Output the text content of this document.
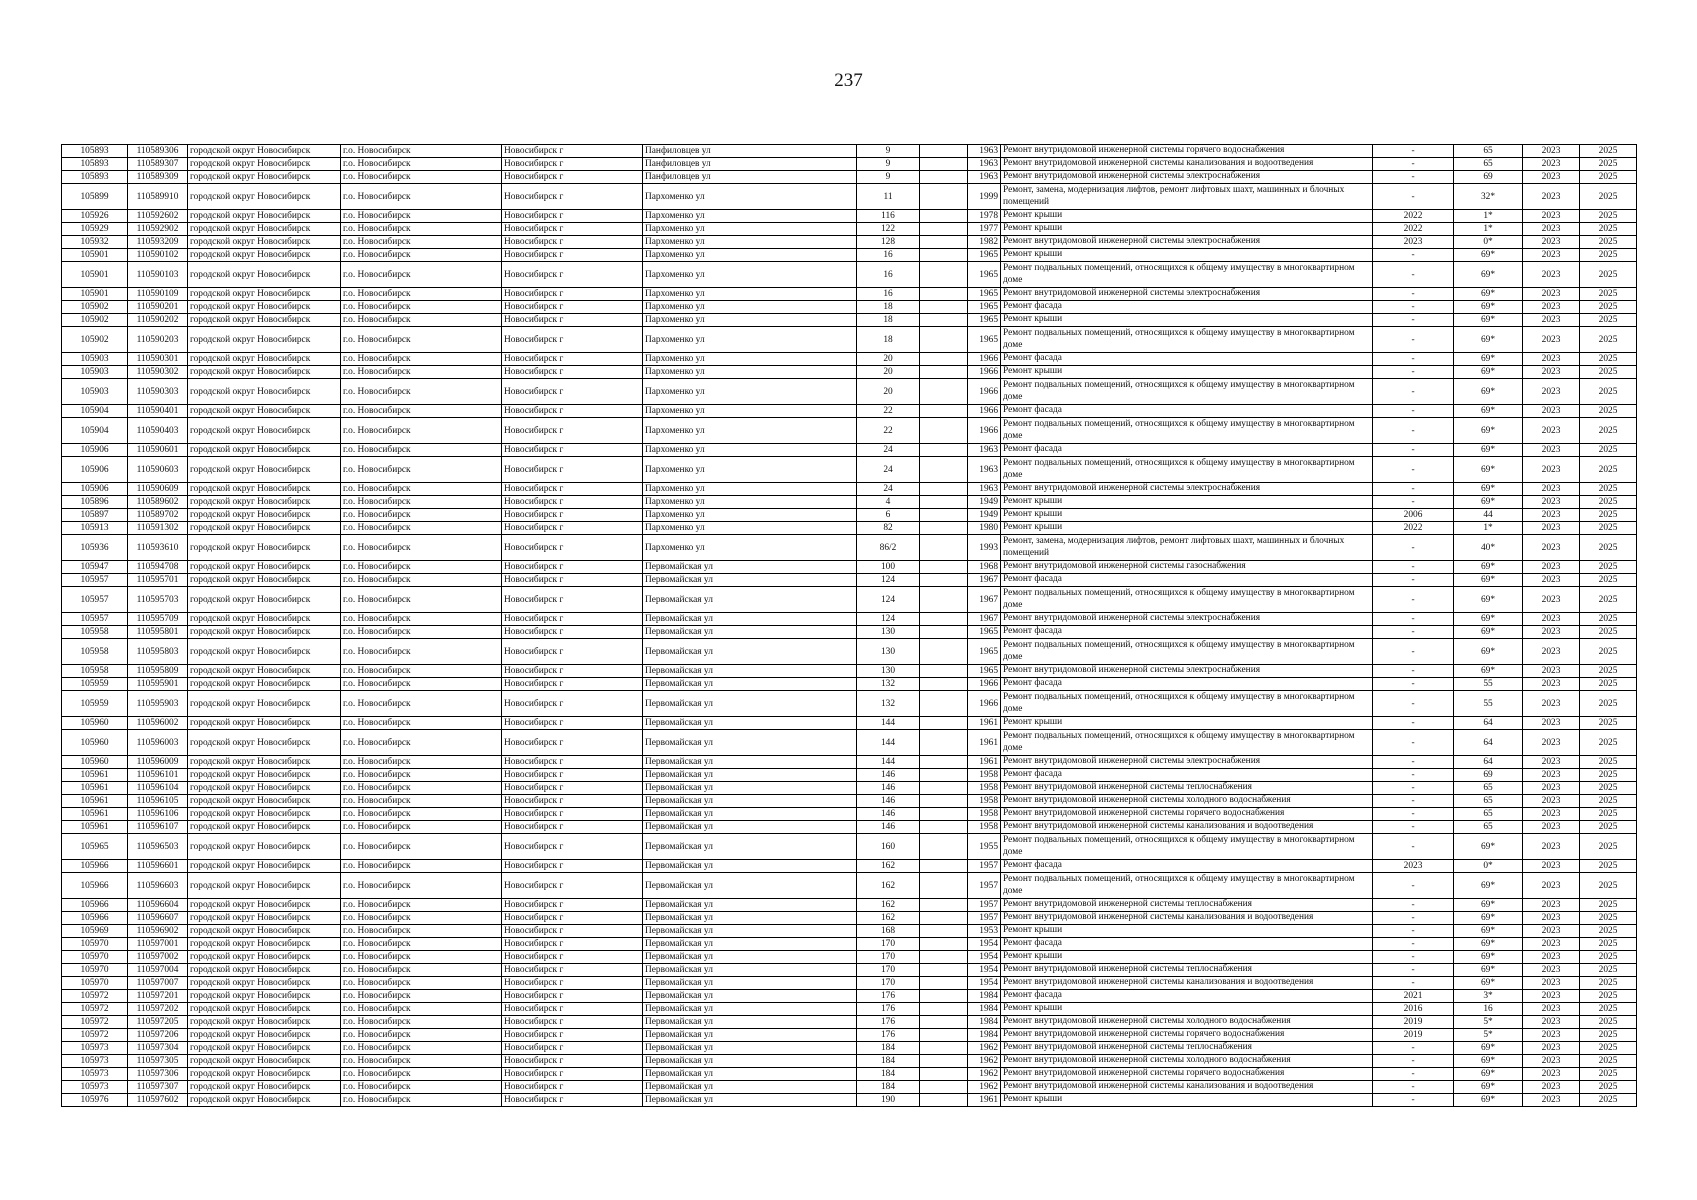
237
105893	110589306	городской округ Новосибирск	г.о. Новосибирск	Новосибирск г	Панфиловцев ул	9		1963	Ремонт внутридомовой инженерной системы горячего водоснабжения	-	65	2023	2025
105893	110589307	городской округ Новосибирск	г.о. Новосибирск	Новосибирск г	Панфиловцев ул	9		1963	Ремонт внутридомовой инженерной системы канализования и водоотведения	-	65	2023	2025
105893	110589309	городской округ Новосибирск	г.о. Новосибирск	Новосибирск г	Панфиловцев ул	9		1963	Ремонт внутридомовой инженерной системы электроснабжения	-	69	2023	2025
105899	110589910	городской округ Новосибирск	г.о. Новосибирск	Новосибирск г	Пархоменко ул	11		1999	Ремонт, замена, модернизация лифтов, ремонт лифтовых шахт, машинных и блочных помещений	-	32*	2023	2025
105926	110592602	городской округ Новосибирск	г.о. Новосибирск	Новосибирск г	Пархоменко ул	116		1978	Ремонт крыши	2022	1*	2023	2025
105929	110592902	городской округ Новосибирск	г.о. Новосибирск	Новосибирск г	Пархоменко ул	122		1977	Ремонт крыши	2022	1*	2023	2025
105932	110593209	городской округ Новосибирск	г.о. Новосибирск	Новосибирск г	Пархоменко ул	128		1982	Ремонт внутридомовой инженерной системы электроснабжения	2023	0*	2023	2025
105901	110590102	городской округ Новосибирск	г.о. Новосибирск	Новосибирск г	Пархоменко ул	16		1965	Ремонт крыши	-	69*	2023	2025
105901	110590103	городской округ Новосибирск	г.о. Новосибирск	Новосибирск г	Пархоменко ул	16		1965	Ремонт подвальных помещений, относящихся к общему имуществу в многоквартирном доме	-	69*	2023	2025
105901	110590109	городской округ Новосибирск	г.о. Новосибирск	Новосибирск г	Пархоменко ул	16		1965	Ремонт внутридомовой инженерной системы электроснабжения	-	69*	2023	2025
105902	110590201	городской округ Новосибирск	г.о. Новосибирск	Новосибирск г	Пархоменко ул	18		1965	Ремонт фасада	-	69*	2023	2025
105902	110590202	городской округ Новосибирск	г.о. Новосибирск	Новосибирск г	Пархоменко ул	18		1965	Ремонт крыши	-	69*	2023	2025
105902	110590203	городской округ Новосибирск	г.о. Новосибирск	Новосибирск г	Пархоменко ул	18		1965	Ремонт подвальных помещений, относящихся к общему имуществу в многоквартирном доме	-	69*	2023	2025
105903	110590301	городской округ Новосибирск	г.о. Новосибирск	Новосибирск г	Пархоменко ул	20		1966	Ремонт фасада	-	69*	2023	2025
105903	110590302	городской округ Новосибирск	г.о. Новосибирск	Новосибирск г	Пархоменко ул	20		1966	Ремонт крыши	-	69*	2023	2025
105903	110590303	городской округ Новосибирск	г.о. Новосибирск	Новосибирск г	Пархоменко ул	20		1966	Ремонт подвальных помещений, относящихся к общему имуществу в многоквартирном доме	-	69*	2023	2025
105904	110590401	городской округ Новосибирск	г.о. Новосибирск	Новосибирск г	Пархоменко ул	22		1966	Ремонт фасада	-	69*	2023	2025
105904	110590403	городской округ Новосибирск	г.о. Новосибирск	Новосибирск г	Пархоменко ул	22		1966	Ремонт подвальных помещений, относящихся к общему имуществу в многоквартирном доме	-	69*	2023	2025
105906	110590601	городской округ Новосибирск	г.о. Новосибирск	Новосибирск г	Пархоменко ул	24		1963	Ремонт фасада	-	69*	2023	2025
105906	110590603	городской округ Новосибирск	г.о. Новосибирск	Новосибирск г	Пархоменко ул	24		1963	Ремонт подвальных помещений, относящихся к общему имуществу в многоквартирном доме	-	69*	2023	2025
105906	110590609	городской округ Новосибирск	г.о. Новосибирск	Новосибирск г	Пархоменко ул	24		1963	Ремонт внутридомовой инженерной системы электроснабжения	-	69*	2023	2025
105896	110589602	городской округ Новосибирск	г.о. Новосибирск	Новосибирск г	Пархоменко ул	4		1949	Ремонт крыши	-	69*	2023	2025
105897	110589702	городской округ Новосибирск	г.о. Новосибирск	Новосибирск г	Пархоменко ул	6		1949	Ремонт крыши	2006	44	2023	2025
105913	110591302	городской округ Новосибирск	г.о. Новосибирск	Новосибирск г	Пархоменко ул	82		1980	Ремонт крыши	2022	1*	2023	2025
105936	110593610	городской округ Новосибирск	г.о. Новосибирск	Новосибирск г	Пархоменко ул	86/2		1993	Ремонт, замена, модернизация лифтов, ремонт лифтовых шахт, машинных и блочных помещений	-	40*	2023	2025
105947	110594708	городской округ Новосибирск	г.о. Новосибирск	Новосибирск г	Первомайская ул	100		1968	Ремонт внутридомовой инженерной системы газоснабжения	-	69*	2023	2025
105957	110595701	городской округ Новосибирск	г.о. Новосибирск	Новосибирск г	Первомайская ул	124		1967	Ремонт фасада	-	69*	2023	2025
105957	110595703	городской округ Новосибирск	г.о. Новосибирск	Новосибирск г	Первомайская ул	124		1967	Ремонт подвальных помещений, относящихся к общему имуществу в многоквартирном доме	-	69*	2023	2025
105957	110595709	городской округ Новосибирск	г.о. Новосибирск	Новосибирск г	Первомайская ул	124		1967	Ремонт внутридомовой инженерной системы электроснабжения	-	69*	2023	2025
105958	110595801	городской округ Новосибирск	г.о. Новосибирск	Новосибирск г	Первомайская ул	130		1965	Ремонт фасада	-	69*	2023	2025
105958	110595803	городской округ Новосибирск	г.о. Новосибирск	Новосибирск г	Первомайская ул	130		1965	Ремонт подвальных помещений, относящихся к общему имуществу в многоквартирном доме	-	69*	2023	2025
105958	110595809	городской округ Новосибирск	г.о. Новосибирск	Новосибирск г	Первомайская ул	130		1965	Ремонт внутридомовой инженерной системы электроснабжения	-	69*	2023	2025
105959	110595901	городской округ Новосибирск	г.о. Новосибирск	Новосибирск г	Первомайская ул	132		1966	Ремонт фасада	-	55	2023	2025
105959	110595903	городской округ Новосибирск	г.о. Новосибирск	Новосибирск г	Первомайская ул	132		1966	Ремонт подвальных помещений, относящихся к общему имуществу в многоквартирном доме	-	55	2023	2025
105960	110596002	городской округ Новосибирск	г.о. Новосибирск	Новосибирск г	Первомайская ул	144		1961	Ремонт крыши	-	64	2023	2025
105960	110596003	городской округ Новосибирск	г.о. Новосибирск	Новосибирск г	Первомайская ул	144		1961	Ремонт подвальных помещений, относящихся к общему имуществу в многоквартирном доме	-	64	2023	2025
105960	110596009	городской округ Новосибирск	г.о. Новосибирск	Новосибирск г	Первомайская ул	144		1961	Ремонт внутридомовой инженерной системы электроснабжения	-	64	2023	2025
105961	110596101	городской округ Новосибирск	г.о. Новосибирск	Новосибирск г	Первомайская ул	146		1958	Ремонт фасада	-	69	2023	2025
105961	110596104	городской округ Новосибирск	г.о. Новосибирск	Новосибирск г	Первомайская ул	146		1958	Ремонт внутридомовой инженерной системы теплоснабжения	-	65	2023	2025
105961	110596105	городской округ Новосибирск	г.о. Новосибирск	Новосибирск г	Первомайская ул	146		1958	Ремонт внутридомовой инженерной системы холодного водоснабжения	-	65	2023	2025
105961	110596106	городской округ Новосибирск	г.о. Новосибирск	Новосибирск г	Первомайская ул	146		1958	Ремонт внутридомовой инженерной системы горячего водоснабжения	-	65	2023	2025
105961	110596107	городской округ Новосибирск	г.о. Новосибирск	Новосибирск г	Первомайская ул	146		1958	Ремонт внутридомовой инженерной системы канализования и водоотведения	-	65	2023	2025
105965	110596503	городской округ Новосибирск	г.о. Новосибирск	Новосибирск г	Первомайская ул	160		1955	Ремонт подвальных помещений, относящихся к общему имуществу в многоквартирном доме	-	69*	2023	2025
105966	110596601	городской округ Новосибирск	г.о. Новосибирск	Новосибирск г	Первомайская ул	162		1957	Ремонт фасада	2023	0*	2023	2025
105966	110596603	городской округ Новосибирск	г.о. Новосибирск	Новосибирск г	Первомайская ул	162		1957	Ремонт подвальных помещений, относящихся к общему имуществу в многоквартирном доме	-	69*	2023	2025
105966	110596604	городской округ Новосибирск	г.о. Новосибирск	Новосибирск г	Первомайская ул	162		1957	Ремонт внутридомовой инженерной системы теплоснабжения	-	69*	2023	2025
105966	110596607	городской округ Новосибирск	г.о. Новосибирск	Новосибирск г	Первомайская ул	162		1957	Ремонт внутридомовой инженерной системы канализования и водоотведения	-	69*	2023	2025
105969	110596902	городской округ Новосибирск	г.о. Новосибирск	Новосибирск г	Первомайская ул	168		1953	Ремонт крыши	-	69*	2023	2025
105970	110597001	городской округ Новосибирск	г.о. Новосибирск	Новосибирск г	Первомайская ул	170		1954	Ремонт фасада	-	69*	2023	2025
105970	110597002	городской округ Новосибирск	г.о. Новосибирск	Новосибирск г	Первомайская ул	170		1954	Ремонт крыши	-	69*	2023	2025
105970	110597004	городской округ Новосибирск	г.о. Новосибирск	Новосибирск г	Первомайская ул	170		1954	Ремонт внутридомовой инженерной системы теплоснабжения	-	69*	2023	2025
105970	110597007	городской округ Новосибирск	г.о. Новосибирск	Новосибирск г	Первомайская ул	170		1954	Ремонт внутридомовой инженерной системы канализования и водоотведения	-	69*	2023	2025
105972	110597201	городской округ Новосибирск	г.о. Новосибирск	Новосибирск г	Первомайская ул	176		1984	Ремонт фасада	2021	3*	2023	2025
105972	110597202	городской округ Новосибирск	г.о. Новосибирск	Новосибирск г	Первомайская ул	176		1984	Ремонт крыши	2016	16	2023	2025
105972	110597205	городской округ Новосибирск	г.о. Новосибирск	Новосибирск г	Первомайская ул	176		1984	Ремонт внутридомовой инженерной системы холодного водоснабжения	2019	5*	2023	2025
105972	110597206	городской округ Новосибирск	г.о. Новосибирск	Новосибирск г	Первомайская ул	176		1984	Ремонт внутридомовой инженерной системы горячего водоснабжения	2019	5*	2023	2025
105973	110597304	городской округ Новосибирск	г.о. Новосибирск	Новосибирск г	Первомайская ул	184		1962	Ремонт внутридомовой инженерной системы теплоснабжения	-	69*	2023	2025
105973	110597305	городской округ Новосибирск	г.о. Новосибирск	Новосибирск г	Первомайская ул	184		1962	Ремонт внутридомовой инженерной системы холодного водоснабжения	-	69*	2023	2025
105973	110597306	городской округ Новосибирск	г.о. Новосибирск	Новосибирск г	Первомайская ул	184		1962	Ремонт внутридомовой инженерной системы горячего водоснабжения	-	69*	2023	2025
105973	110597307	городской округ Новосибирск	г.о. Новосибирск	Новосибирск г	Первомайская ул	184		1962	Ремонт внутридомовой инженерной системы канализования и водоотведения	-	69*	2023	2025
105976	110597602	городской округ Новосибирск	г.о. Новосибирск	Новосибирск г	Первомайская ул	190		1961	Ремонт крыши	-	69*	2023	2025
